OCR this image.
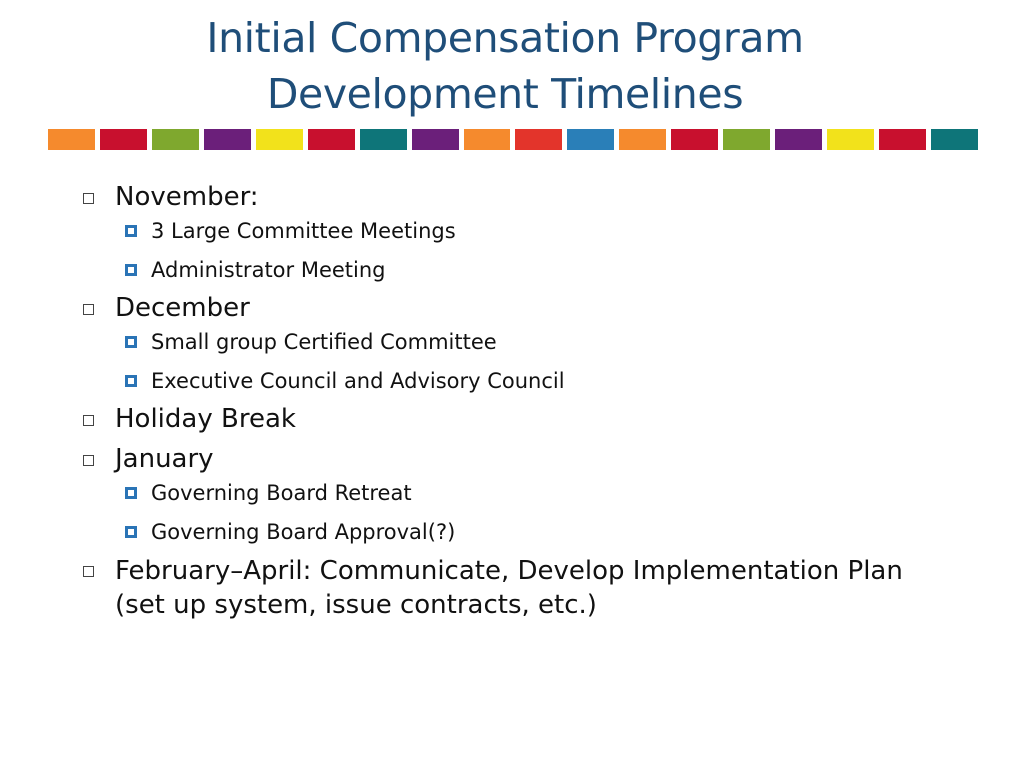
Initial Compensation Program
Development Timelines
November:
3 Large Committee Meetings
Administrator Meeting
December
Small group Certified Committee
Executive Council and Advisory Council
Holiday Break
January
Governing Board Retreat
Governing Board Approval(?)
February–April: Communicate, Develop Implementation Plan (set up system, issue contracts, etc.)
